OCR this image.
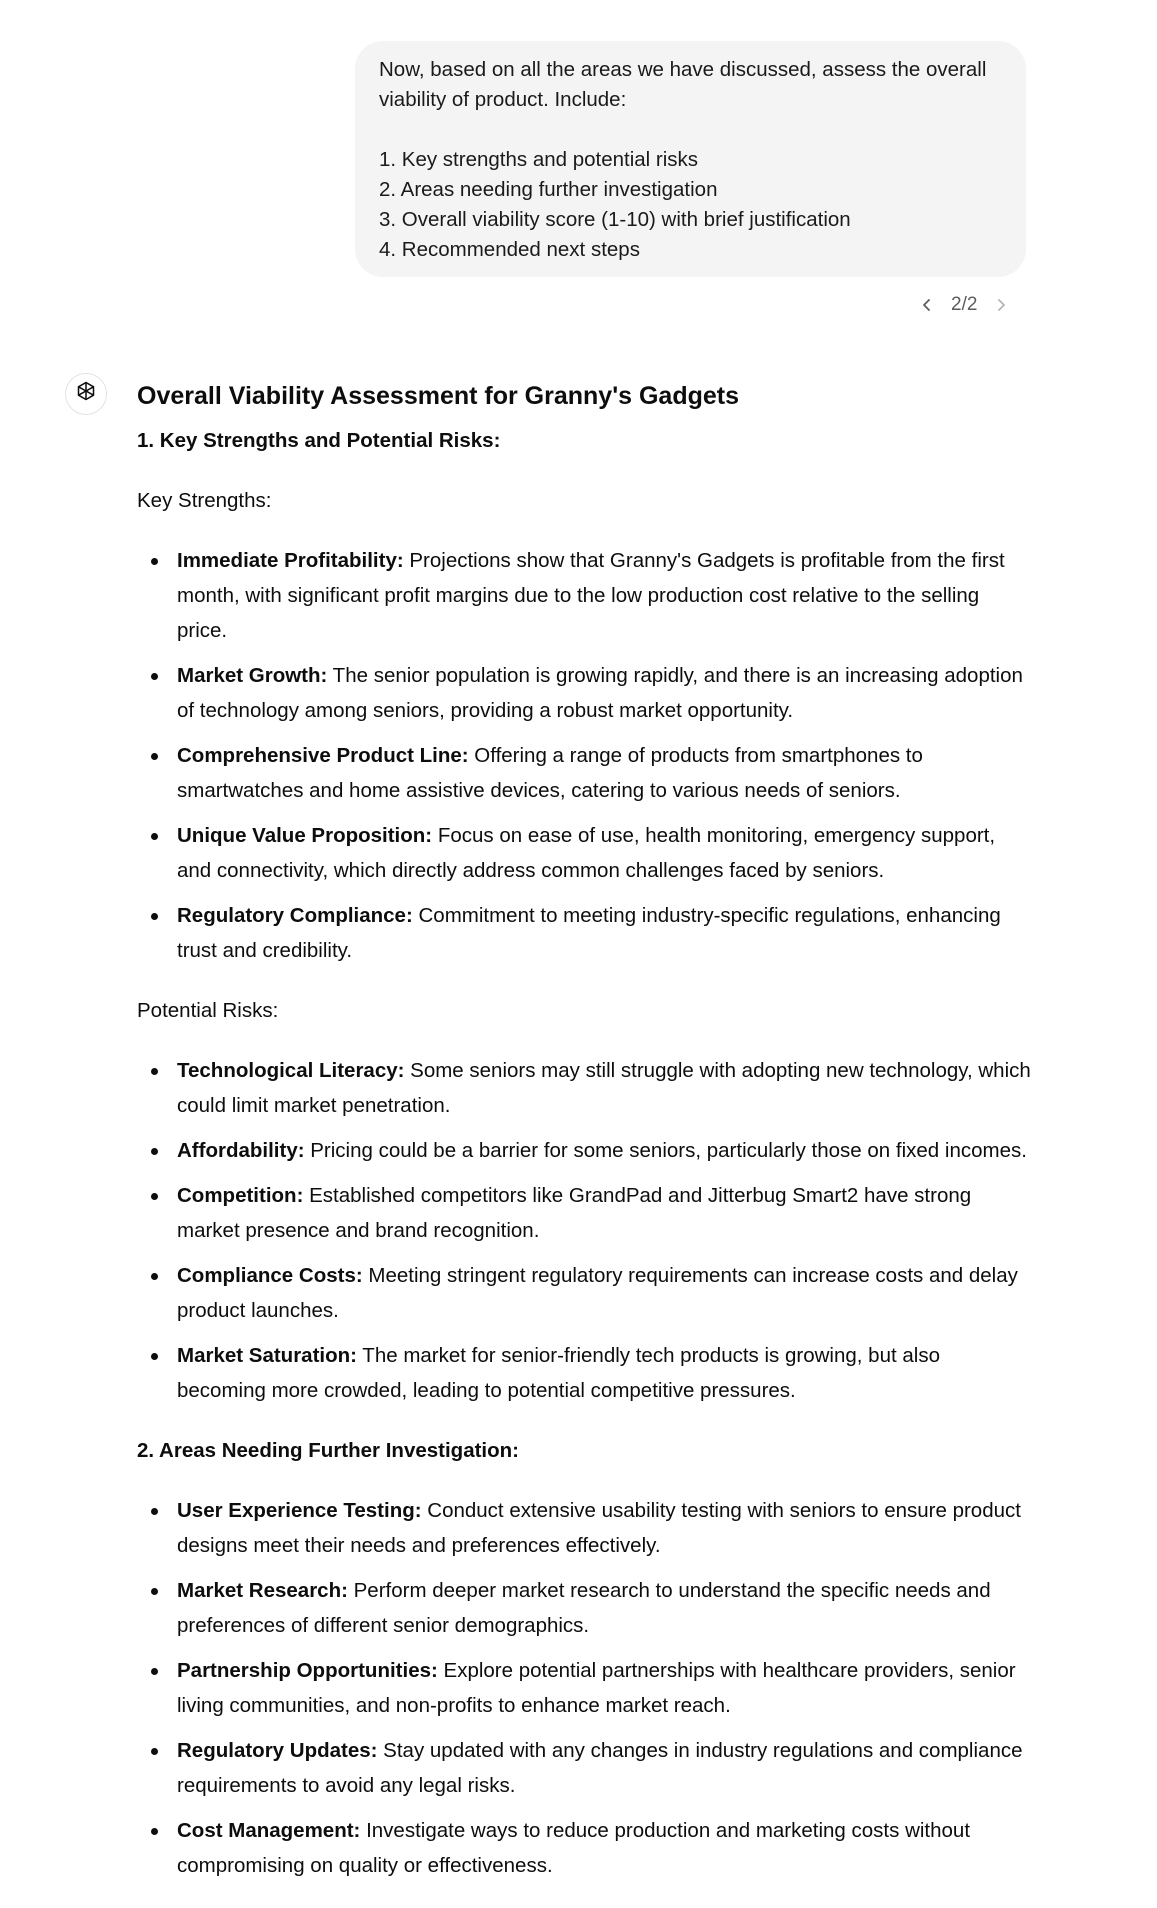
Now, based on all the areas we have discussed, assess the overall viability of product. Include:

1. Key strengths and potential risks

2. Areas needing further investigation

3. Overall viability score (1-10) with brief justification

4. Recommended next steps

2/2
Overall Viability Assessment for Granny's Gadgets

1. Key Strengths and Potential Risks:

Key Strengths:

Immediate Profitability: Projections show that Granny's Gadgets is profitable from the first month, with significant profit margins due to the low production cost relative to the selling price.
Market Growth: The senior population is growing rapidly, and there is an increasing adoption of technology among seniors, providing a robust market opportunity.
Comprehensive Product Line: Offering a range of products from smartphones to smartwatches and home assistive devices, catering to various needs of seniors.
Unique Value Proposition: Focus on ease of use, health monitoring, emergency support, and connectivity, which directly address common challenges faced by seniors.
Regulatory Compliance: Commitment to meeting industry-specific regulations, enhancing trust and credibility.

Potential Risks:

Technological Literacy: Some seniors may still struggle with adopting new technology, which could limit market penetration.
Affordability: Pricing could be a barrier for some seniors, particularly those on fixed incomes.
Competition: Established competitors like GrandPad and Jitterbug Smart2 have strong market presence and brand recognition.
Compliance Costs: Meeting stringent regulatory requirements can increase costs and delay product launches.
Market Saturation: The market for senior-friendly tech products is growing, but also becoming more crowded, leading to potential competitive pressures.

2. Areas Needing Further Investigation:

User Experience Testing: Conduct extensive usability testing with seniors to ensure product designs meet their needs and preferences effectively.
Market Research: Perform deeper market research to understand the specific needs and preferences of different senior demographics.
Partnership Opportunities: Explore potential partnerships with healthcare providers, senior living communities, and non-profits to enhance market reach.
Regulatory Updates: Stay updated with any changes in industry regulations and compliance requirements to avoid any legal risks.
Cost Management: Investigate ways to reduce production and marketing costs without compromising on quality or effectiveness.
